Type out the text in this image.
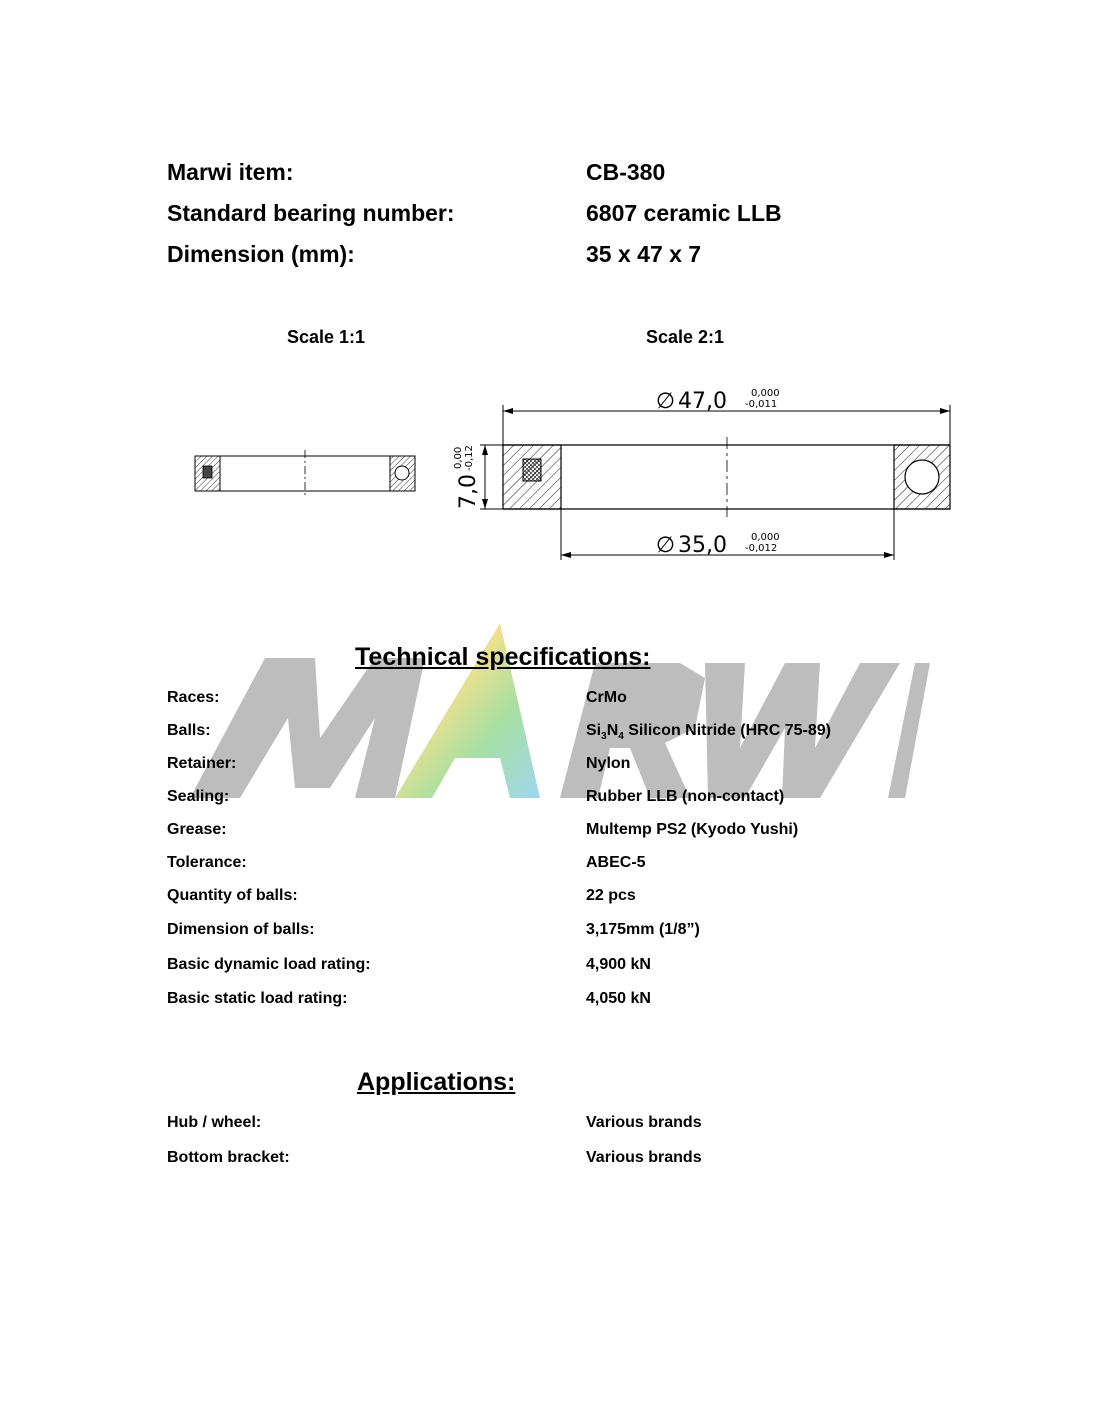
Marwi item:	CB-380
Standard bearing number:	6807 ceramic LLB
Dimension (mm):	35 x 47 x 7
Scale 1:1	Scale 2:1
47,0
∅	0,000
-0,011
35,0
∅	0,000
-0,012
7,0
0,00 -0,12
Technical specifications:
Races:	CrMo
Balls:	$Si_3N_4$ Silicon Nitride (HRC 75-89)
Retainer:	Nylon
Sealing:	Rubber LLB (non-contact)
Grease:	Multemp PS2 (Kyodo Yushi)
Tolerance:	ABEC-5
Quantity of balls:	22 pcs
Dimension of balls:	3,175mm (1/8”)
Basic dynamic load rating:	4,900 kN
Basic static load rating:	4,050 kN
Applications:
Hub / wheel:	Various brands
Bottom bracket:	Various brands
